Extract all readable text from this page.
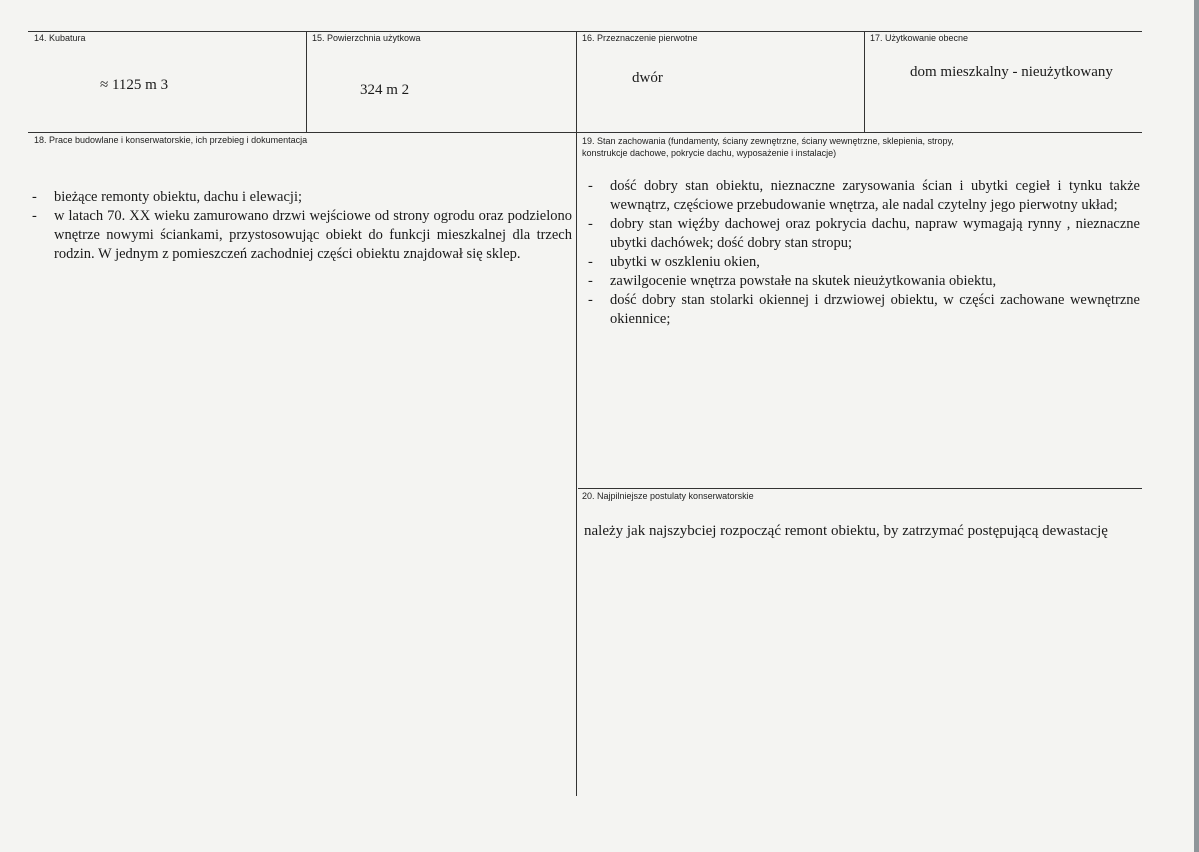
14. Kubatura
≈ 1125 m 3
15. Powierzchnia użytkowa
324 m 2
16. Przeznaczenie pierwotne
dwór
17. Użytkowanie obecne
dom mieszkalny - nieużytkowany
18. Prace budowlane i konserwatorskie, ich przebieg i dokumentacja
- bieżące remonty obiektu, dachu i elewacji;
- w latach 70. XX wieku zamurowano drzwi wejściowe od strony ogrodu oraz podzielono wnętrze nowymi ściankami, przystosowując obiekt do funkcji mieszkalnej dla trzech rodzin. W jednym z pomieszczeń zachodniej części obiektu znajdował się sklep.
19. Stan zachowania (fundamenty, ściany zewnętrzne, ściany wewnętrzne, sklepienia, stropy,
konstrukcje dachowe, pokrycie dachu, wyposażenie i instalacje)
- dość dobry stan obiektu, nieznaczne zarysowania ścian i ubytki cegieł i tynku także wewnątrz, częściowe przebudowanie wnętrza, ale nadal czytelny jego pierwotny układ;
- dobry stan więźby dachowej oraz pokrycia dachu, napraw wymagają rynny , nieznaczne ubytki dachówek; dość dobry stan stropu;
- ubytki w oszkleniu okien,
- zawilgocenie wnętrza powstałe na skutek nieużytkowania obiektu,
- dość dobry stan stolarki okiennej i drzwiowej obiektu, w części zachowane wewnętrzne okiennice;
20. Najpilniejsze postulaty konserwatorskie
należy jak najszybciej rozpocząć remont obiektu, by zatrzymać postępującą dewastację
